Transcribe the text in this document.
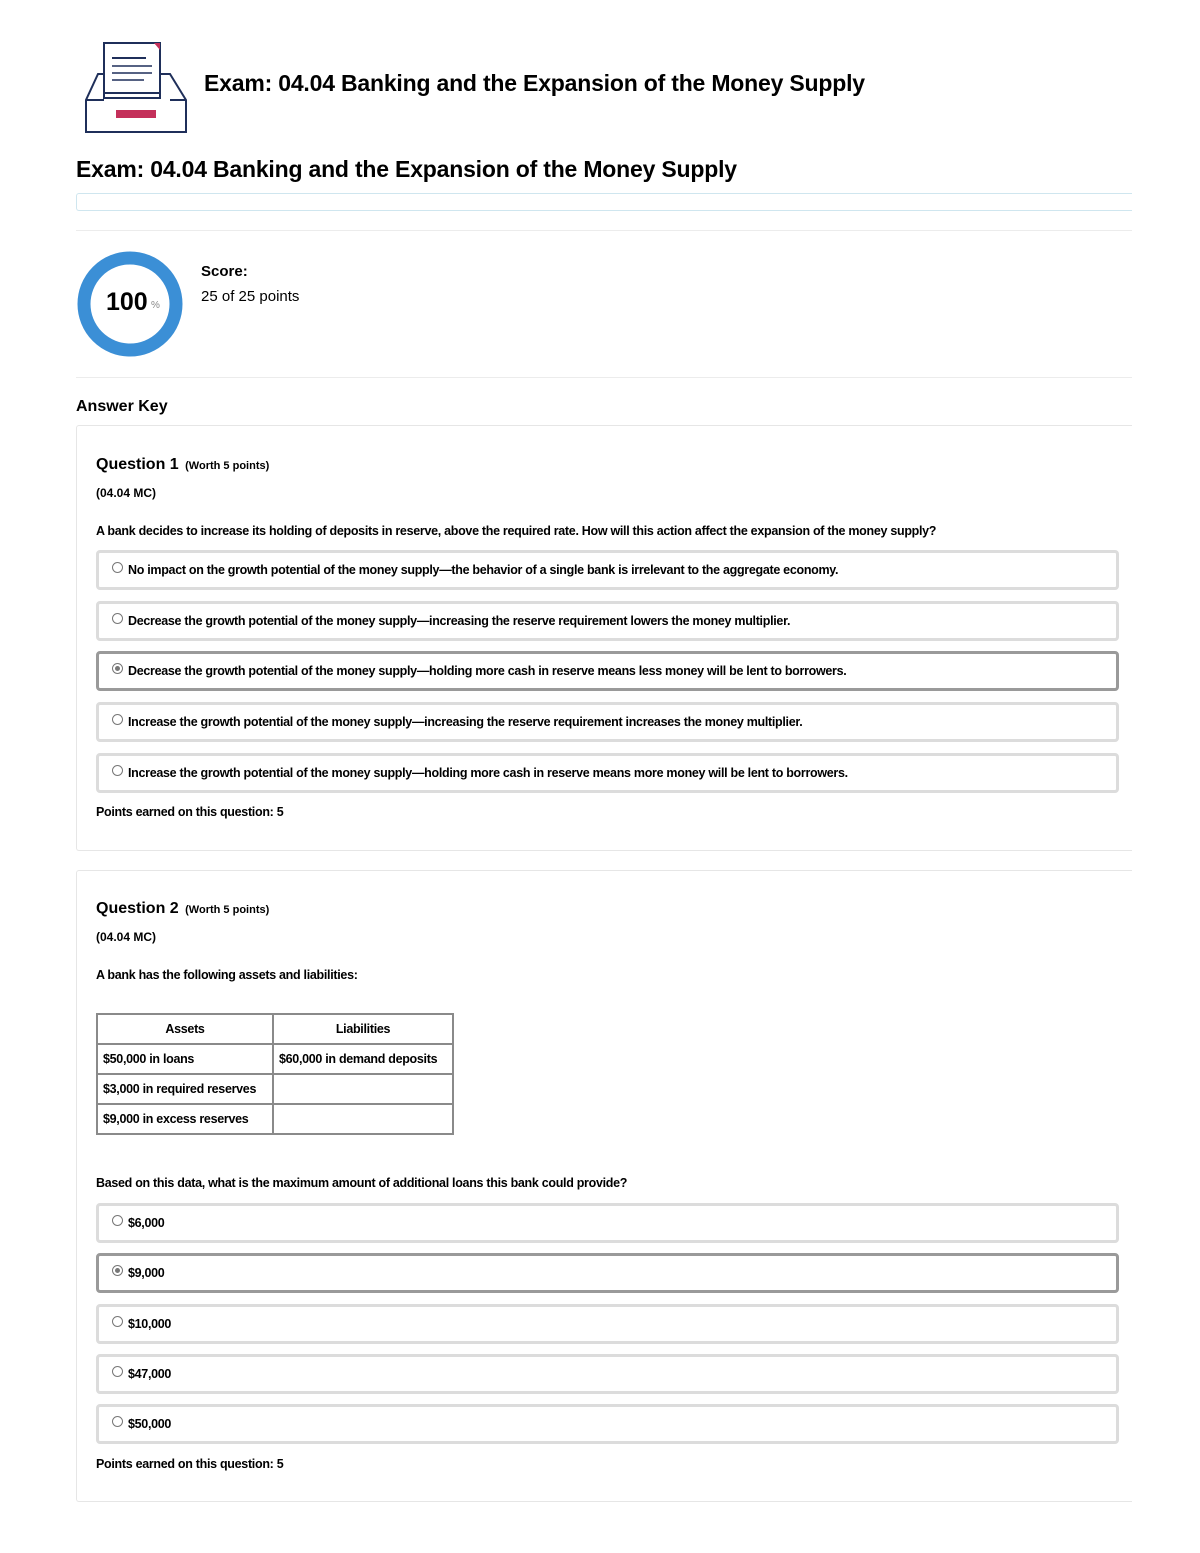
Exam: 04.04 Banking and the Expansion of the Money Supply
Exam: 04.04 Banking and the Expansion of the Money Supply
100 %
Score:
25 of 25 points
Answer Key
Question 1 (Worth 5 points)
(04.04 MC)
A bank decides to increase its holding of deposits in reserve, above the required rate. How will this action affect the expansion of the money supply?
No impact on the growth potential of the money supply—the behavior of a single bank is irrelevant to the aggregate economy.
Decrease the growth potential of the money supply—increasing the reserve requirement lowers the money multiplier.
Decrease the growth potential of the money supply—holding more cash in reserve means less money will be lent to borrowers.
Increase the growth potential of the money supply—increasing the reserve requirement increases the money multiplier.
Increase the growth potential of the money supply—holding more cash in reserve means more money will be lent to borrowers.
Points earned on this question: 5
Question 2 (Worth 5 points)
(04.04 MC)
A bank has the following assets and liabilities:
Assets	Liabilities
$50,000 in loans	$60,000 in demand deposits
$3,000 in required reserves	
$9,000 in excess reserves	
Based on this data, what is the maximum amount of additional loans this bank could provide?
$6,000
$9,000
$10,000
$47,000
$50,000
Points earned on this question: 5
